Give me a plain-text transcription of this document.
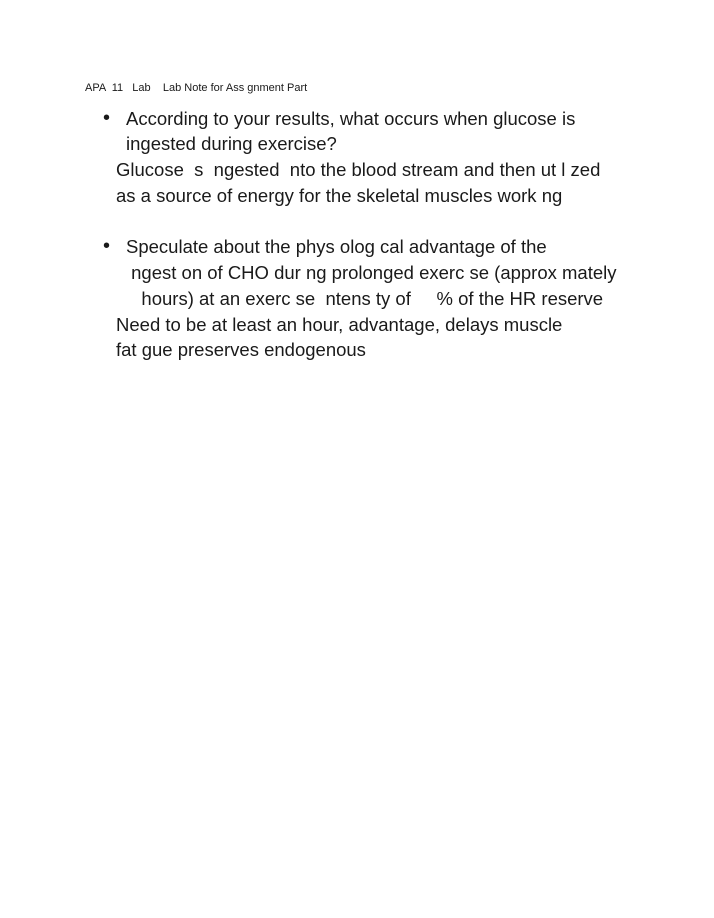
APA  11   Lab    Lab Note for Ass gnment Part
• According to your results, what occurs when glucose is
ingested during exercise?
Glucose  s  ngested  nto the blood stream and then ut l zed
as a source of energy for the skeletal muscles work ng
• Speculate about the phys olog cal advantage of the
ngest on of CHO dur ng prolonged exerc se (approx mately
hours) at an exerc se  ntens ty of     % of the HR reserve
Need to be at least an hour, advantage, delays muscle
fat gue preserves endogenous
